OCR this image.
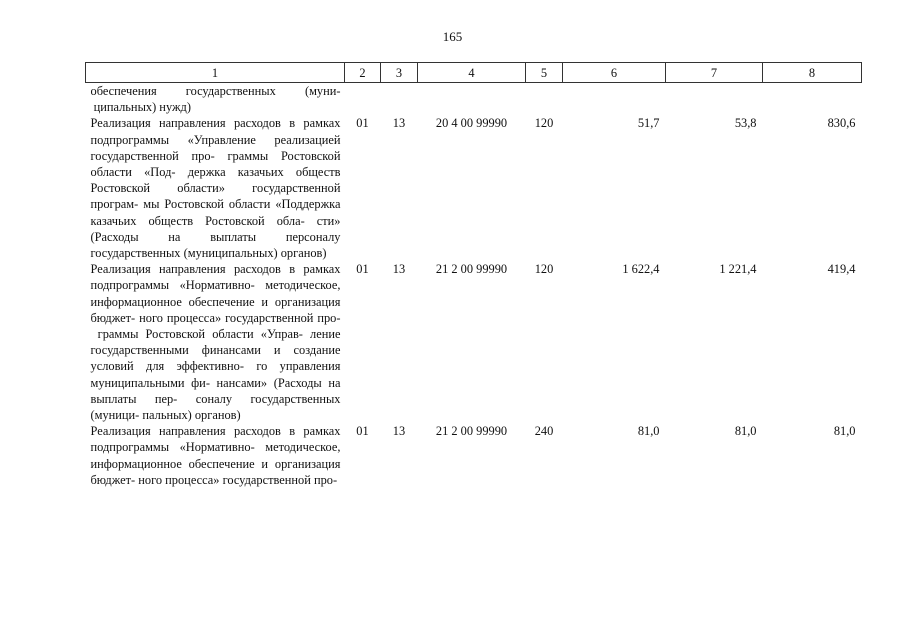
165
1	2	3	4	5	6	7	8
обеспечения государственных (муни- ципальных) нужд)							
Реализация направления расходов в рамках подпрограммы «Управление реализацией государственной про- граммы Ростовской области «Под- держка казачьих обществ Ростовской области» государственной програм- мы Ростовской области «Поддержка казачьих обществ Ростовской обла- сти» (Расходы на выплаты персоналу государственных (муниципальных) органов)	01	13	20 4 00 99990	120	51,7	53,8	830,6
Реализация направления расходов в рамках подпрограммы «Нормативно- методическое, информационное обеспечение и организация бюджет- ного процесса» государственной про- граммы Ростовской области «Управ- ление государственными финансами и создание условий для эффективно- го управления муниципальными фи- нансами» (Расходы на выплаты пер- соналу государственных (муници- пальных) органов)	01	13	21 2 00 99990	120	1 622,4	1 221,4	419,4
Реализация направления расходов в рамках подпрограммы «Нормативно- методическое, информационное обеспечение и организация бюджет- ного процесса» государственной про-	01	13	21 2 00 99990	240	81,0	81,0	81,0
